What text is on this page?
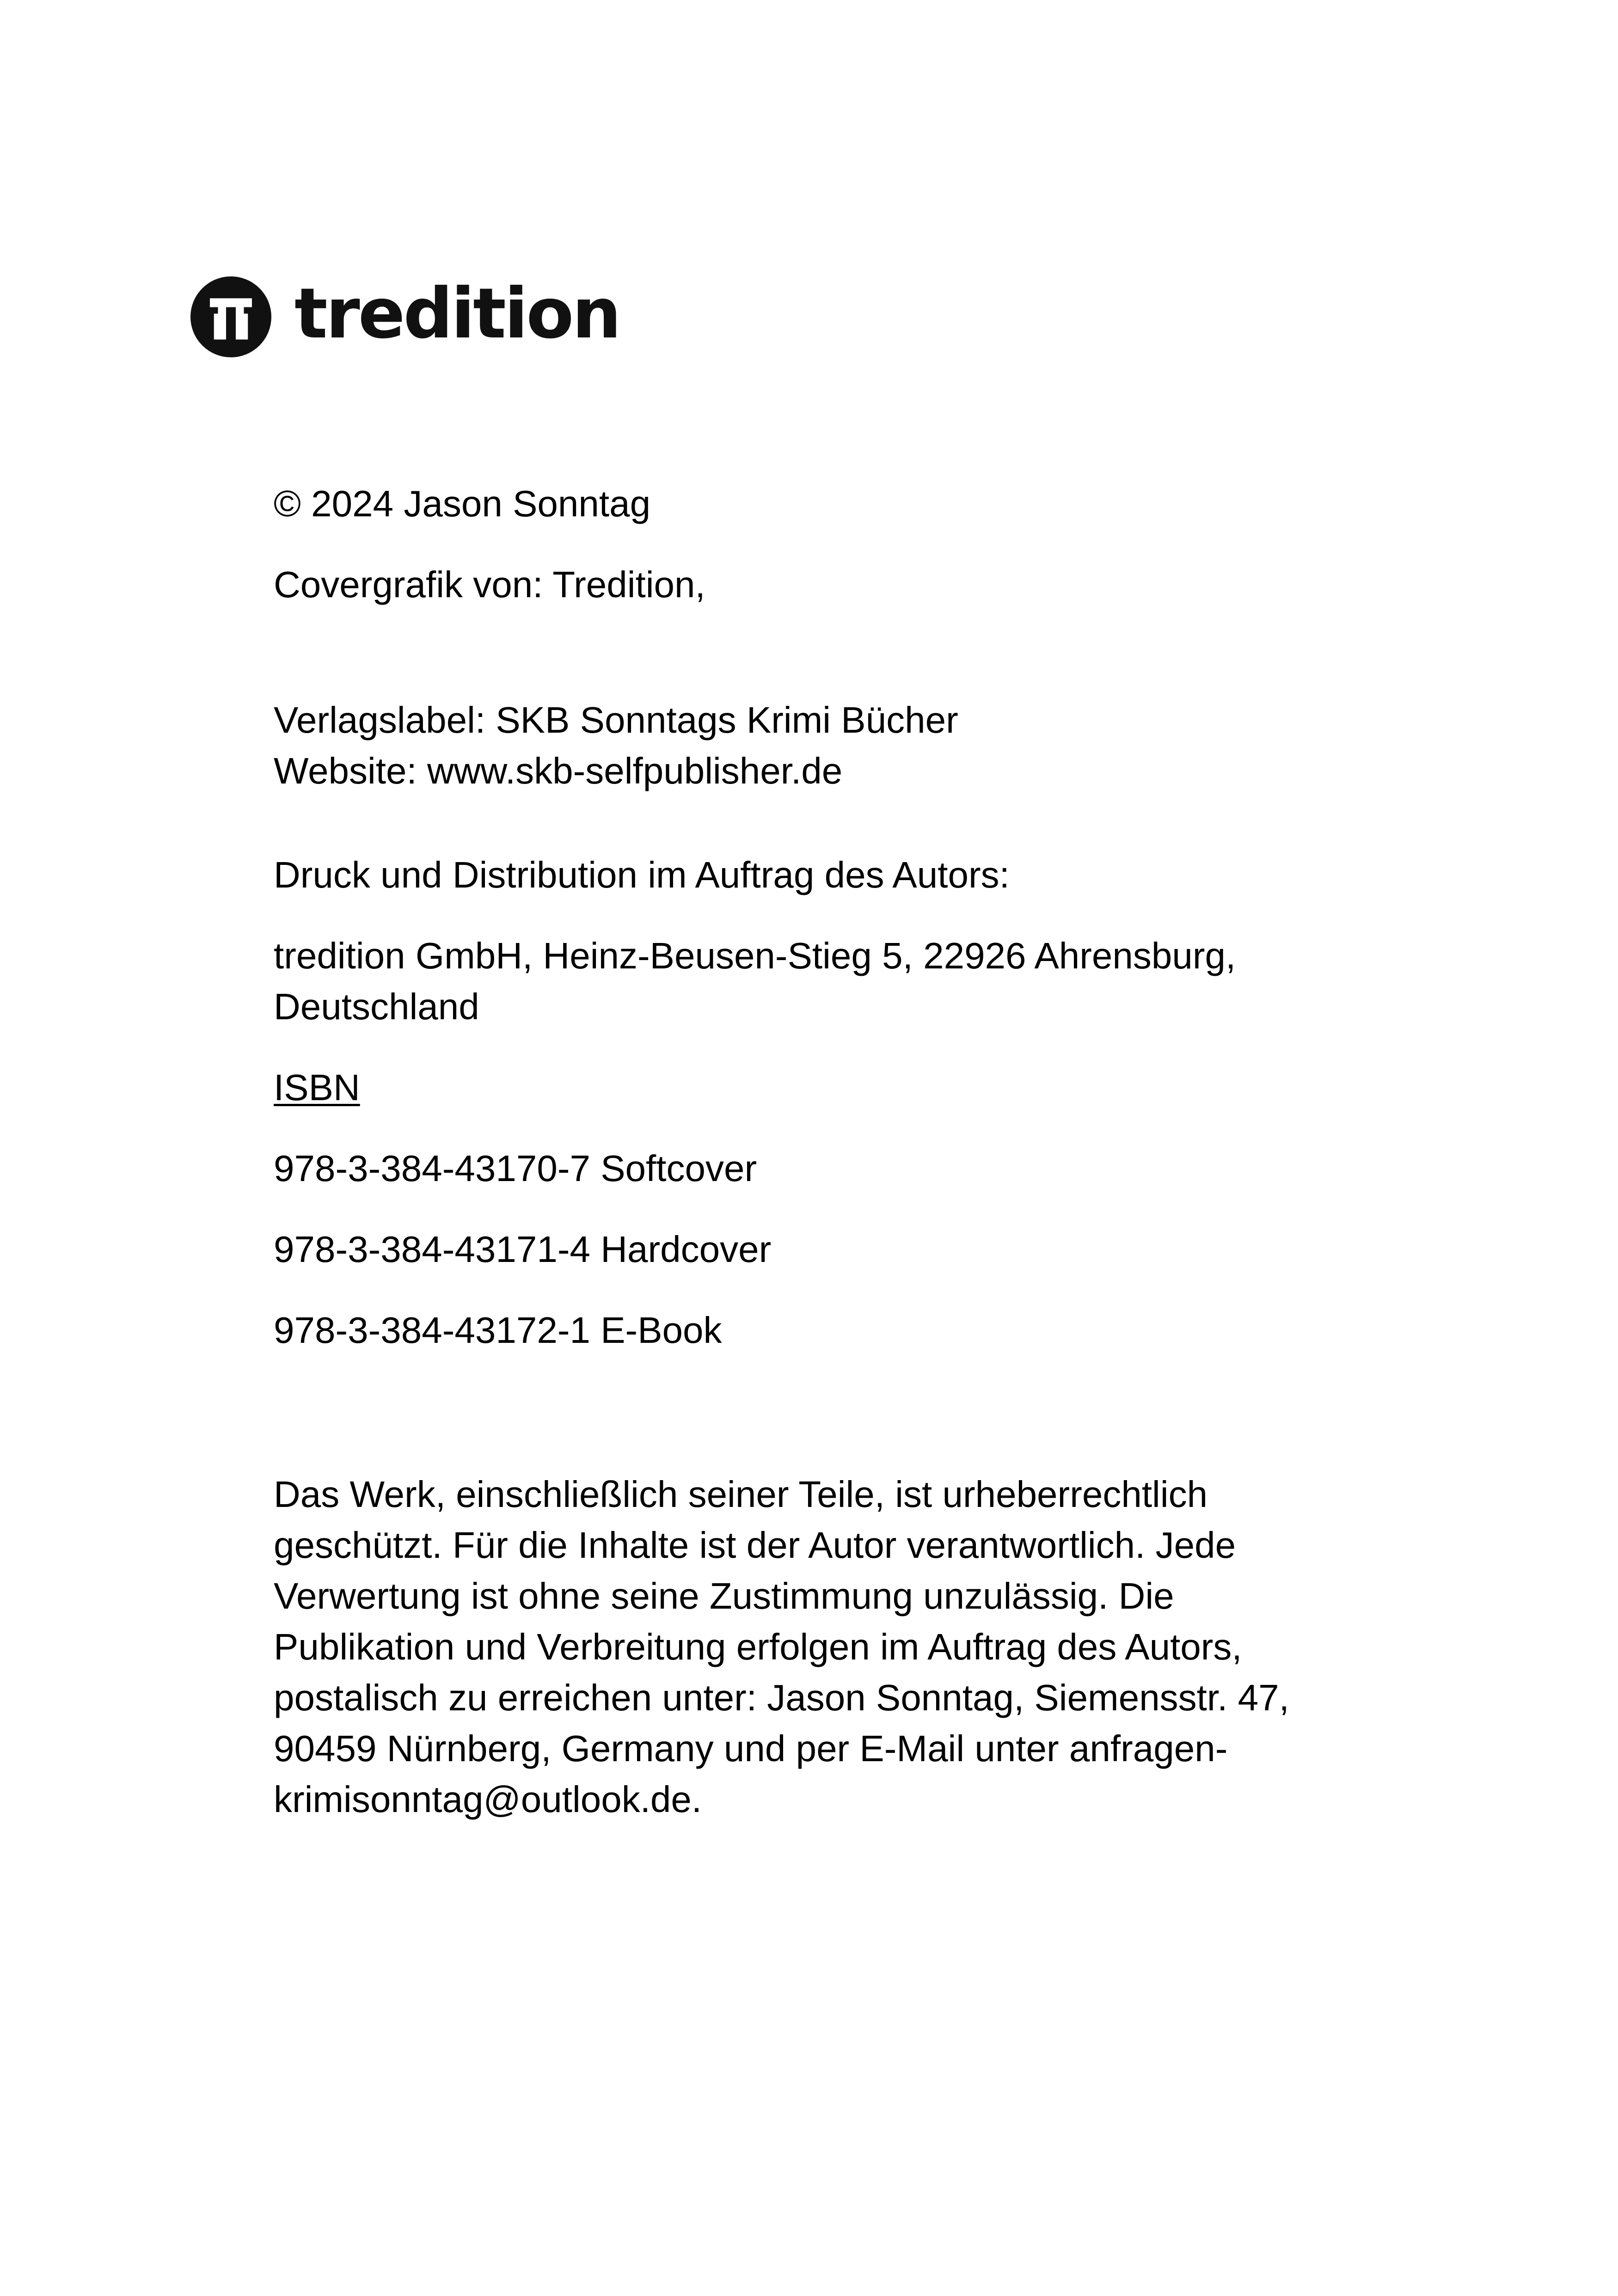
tredition

© 2024 Jason Sonntag

Covergrafik von: Tredition,

Verlagslabel: SKB Sonntags Krimi Bücher

Website: www.skb-selfpublisher.de

Druck und Distribution im Auftrag des Autors:

tredition GmbH, Heinz-Beusen-Stieg 5, 22926 Ahrensburg,

Deutschland

ISBN

978-3-384-43170-7 Softcover

978-3-384-43171-4 Hardcover

978-3-384-43172-1 E-Book

Das Werk, einschließlich seiner Teile, ist urheberrechtlich

geschützt. Für die Inhalte ist der Autor verantwortlich. Jede

Verwertung ist ohne seine Zustimmung unzulässig. Die

Publikation und Verbreitung erfolgen im Auftrag des Autors,

postalisch zu erreichen unter: Jason Sonntag, Siemensstr. 47,

90459 Nürnberg, Germany und per E-Mail unter anfragen-

krimisonntag@outlook.de.
